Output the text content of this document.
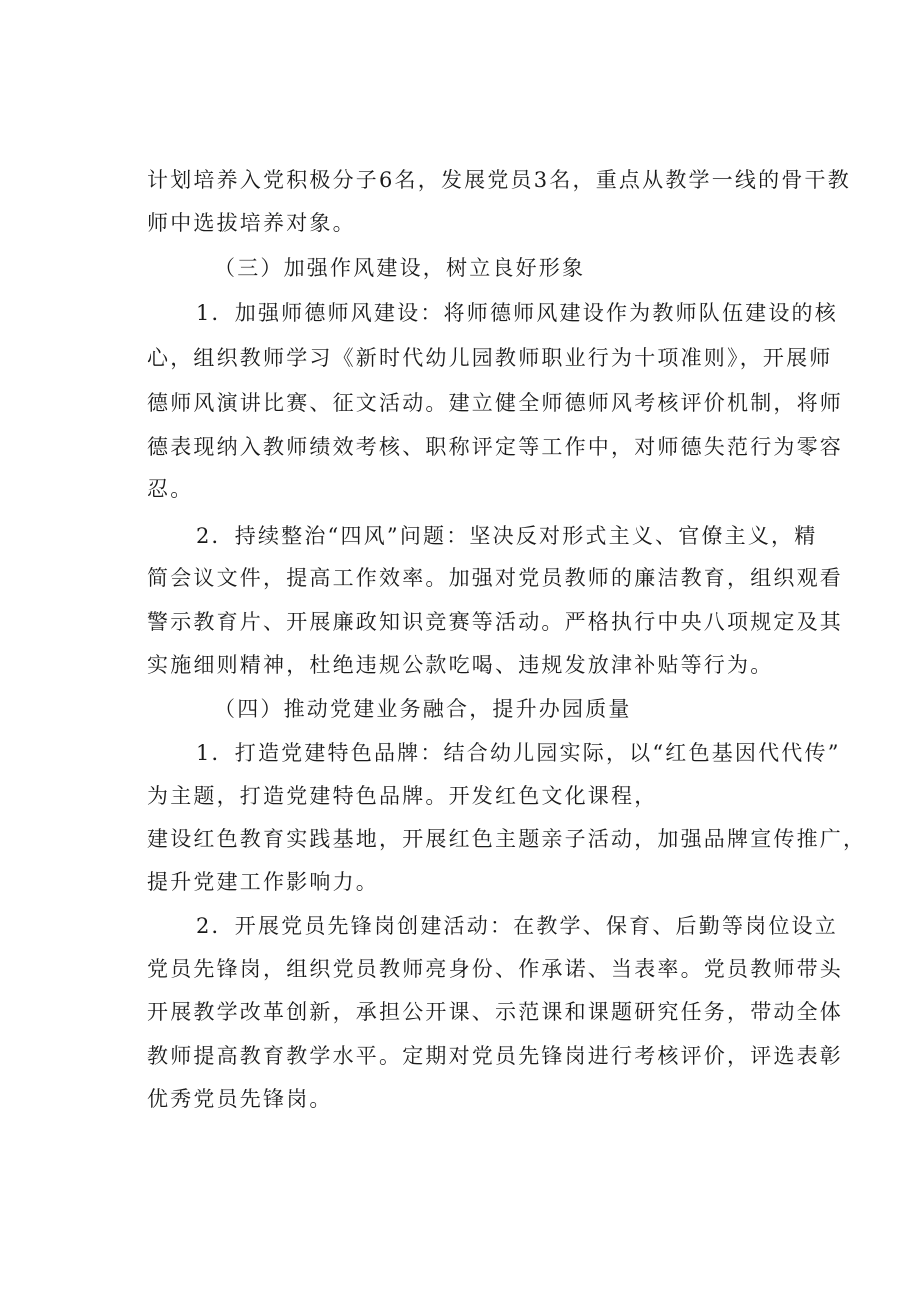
计划培养入党积极分子6名，发展党员3名，重点从教学一线的骨干教
师中选拔培养对象。
（三）加强作风建设，树立良好形象
1．加强师德师风建设：将师德师风建设作为教师队伍建设的核
心，组织教师学习《新时代幼儿园教师职业行为十项准则》，开展师
德师风演讲比赛、征文活动。建立健全师德师风考核评价机制，将师
德表现纳入教师绩效考核、职称评定等工作中，对师德失范行为零容
忍。
2．持续整治“四风”问题：坚决反对形式主义、官僚主义，精
简会议文件，提高工作效率。加强对党员教师的廉洁教育，组织观看
警示教育片、开展廉政知识竞赛等活动。严格执行中央八项规定及其
实施细则精神，杜绝违规公款吃喝、违规发放津补贴等行为。
（四）推动党建业务融合，提升办园质量
1．打造党建特色品牌：结合幼儿园实际，以“红色基因代代传”
为主题，打造党建特色品牌。开发红色文化课程，
建设红色教育实践基地，开展红色主题亲子活动，加强品牌宣传推广，
提升党建工作影响力。
2．开展党员先锋岗创建活动：在教学、保育、后勤等岗位设立
党员先锋岗，组织党员教师亮身份、作承诺、当表率。党员教师带头
开展教学改革创新，承担公开课、示范课和课题研究任务，带动全体
教师提高教育教学水平。定期对党员先锋岗进行考核评价，评选表彰
优秀党员先锋岗。
